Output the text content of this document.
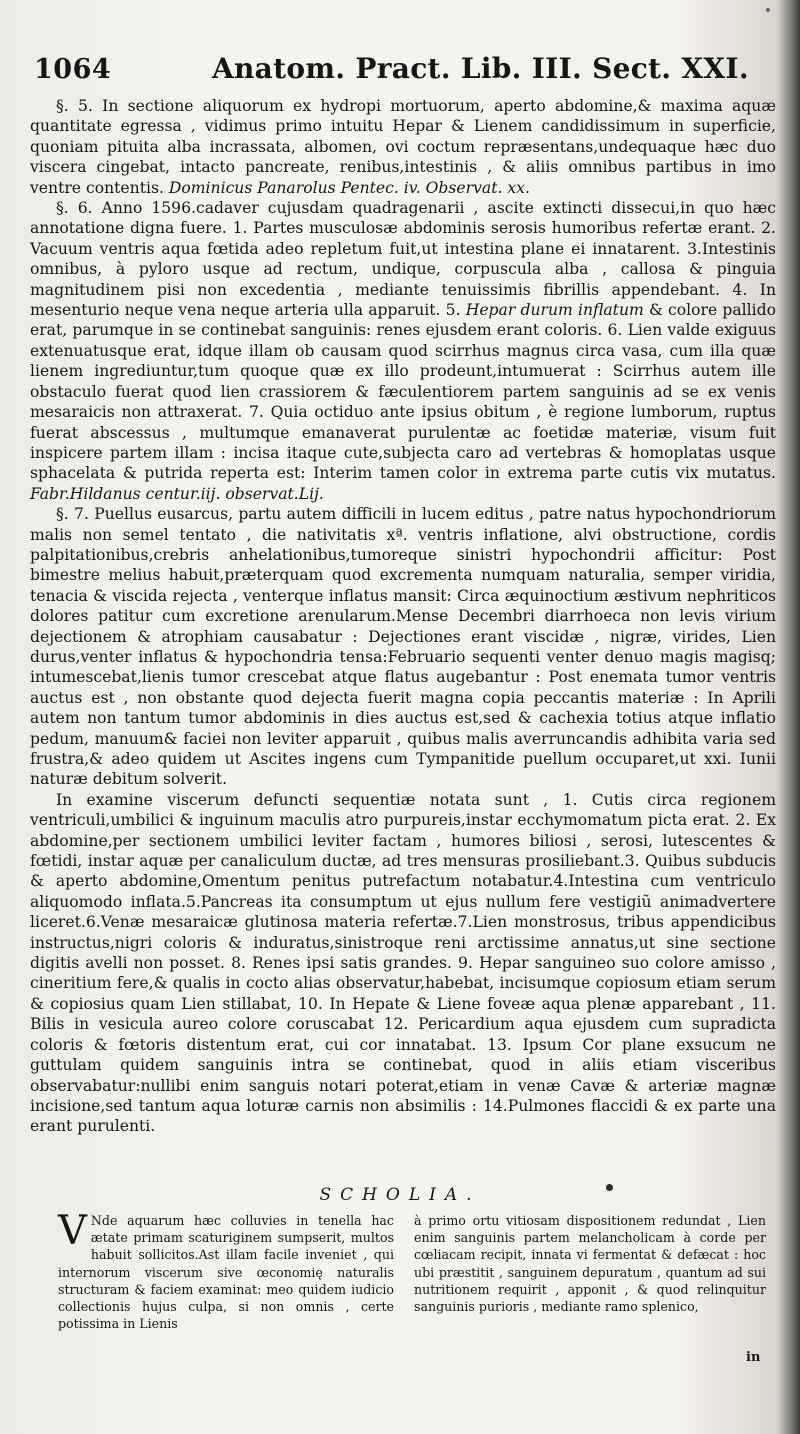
1064	Anatom. Pract. Lib. III. Sect. XXI.

§. 5. In sectione aliquorum ex hydropi mortuorum, aperto abdomine,& maxima aquæ quantitate egressa , vidimus primo intuitu Hepar & Lienem candidissimum in superficie, quoniam pituita alba incrassata, albomen, ovi coctum repræsentans,undequaque hæc duo viscera cingebat, intacto pancreate, renibus,intestinis , & aliis omnibus partibus in imo ventre contentis. Dominicus Panarolus Pentec. iv. Observat. xx.

§. 6. Anno 1596.cadaver cujusdam quadragenarii , ascite extincti dissecui,in quo hæc annotatione digna fuere. 1. Partes musculosæ abdominis serosis humoribus refertæ erant. 2. Vacuum ventris aqua fœtida adeo repletum fuit,ut intestina plane ei innatarent. 3.Intestinis omnibus, à pyloro usque ad rectum, undique, corpuscula alba , callosa & pinguia magnitudinem pisi non excedentia , mediante tenuissimis fibrillis appendebant. 4. In mesenturio neque vena neque arteria ulla apparuit. 5. Hepar durum inflatum & colore pallido erat, parumque in se continebat sanguinis: renes ejusdem erant coloris. 6. Lien valde exiguus extenuatusque erat, idque illam ob causam quod scirrhus magnus circa vasa, cum illa quæ lienem ingrediuntur,tum quoque quæ ex illo prodeunt,intumuerat : Scirrhus autem ille obstaculo fuerat quod lien crassiorem & fæculentiorem partem sanguinis ad se ex venis mesaraicis non attraxerat. 7. Quia octiduo ante ipsius obitum , è regione lumborum, ruptus fuerat abscessus , multumque emanaverat purulentæ ac foetidæ materiæ, visum fuit inspicere partem illam : incisa itaque cute,subjecta caro ad vertebras & homoplatas usque sphacelata & putrida reperta est: Interim tamen color in extrema parte cutis vix mutatus. Fabr.Hildanus centur.iij. observat.Lij.

§. 7. Puellus eusarcus, partu autem difficili in lucem editus , patre natus hypochondriorum malis non semel tentato , die nativitatis xª. ventris inflatione, alvi obstructione, cordis palpitationibus,crebris anhelationibus,tumoreque sinistri hypochondrii afficitur: Post bimestre melius habuit,præterquam quod excrementa numquam naturalia, semper viridia, tenacia & viscida rejecta , venterque inflatus mansit: Circa æquinoctium æstivum nephriticos dolores patitur cum excretione arenularum.Mense Decembri diarrhoeca non levis virium dejectionem & atrophiam causabatur : Dejectiones erant viscidæ , nigræ, virides, Lien durus,venter inflatus & hypochondria tensa:Februario sequenti venter denuo magis magisq; intumescebat,lienis tumor crescebat atque flatus augebantur : Post enemata tumor ventris auctus est , non obstante quod dejecta fuerit magna copia peccantis materiæ : In Aprili autem non tantum tumor abdominis in dies auctus est,sed & cachexia totius atque inflatio pedum, manuum& faciei non leviter apparuit , quibus malis averruncandis adhibita varia sed frustra,& adeo quidem ut Ascites ingens cum Tympanitide puellum occuparet,ut xxi. Iunii naturæ debitum solverit.

In examine viscerum defuncti sequentiæ notata sunt , 1. Cutis circa regionem ventriculi,umbilici & inguinum maculis atro purpureis,instar ecchymomatum picta erat. 2. Ex abdomine,per sectionem umbilici leviter factam , humores biliosi , serosi, lutescentes & fœtidi, instar aquæ per canaliculum ductæ, ad tres mensuras prosiliebant.3. Quibus subducis & aperto abdomine,Omentum penitus putrefactum notabatur.4.Intestina cum ventriculo aliquomodo inflata.5.Pancreas ita consumptum ut ejus nullum fere vestigiũ animadvertere liceret.6.Venæ mesaraicæ glutinosa materia refertæ.7.Lien monstrosus, tribus appendicibus instructus,nigri coloris & induratus,sinistroque reni arctissime annatus,ut sine sectione digitis avelli non posset. 8. Renes ipsi satis grandes. 9. Hepar sanguineo suo colore amisso , cineritium fere,& qualis in cocto alias observatur,habebat, incisumque copiosum etiam serum & copiosius quam Lien stillabat, 10. In Hepate & Liene foveæ aqua plenæ apparebant , 11. Bilis in vesicula aureo colore coruscabat 12. Pericardium aqua ejusdem cum supradicta coloris & fœtoris distentum erat, cui cor innatabat. 13. Ipsum Cor plane exsucum ne guttulam quidem sanguinis intra se continebat, quod in aliis etiam visceribus observabatur:nullibi enim sanguis notari poterat,etiam in venæ Cavæ & arteriæ magnæ incisione,sed tantum aqua loturæ carnis non absimilis : 14.Pulmones flaccidi & ex parte una erant purulenti.

SCHOLIA.
V Nde aquarum hæc colluvies in tenella hac ætate primam scaturiginem sumpserit, multos habuit sollicitos.Ast illam facile inveniet , qui internorum viscerum sive œconomię naturalis structuram & faciem examinat: meo quidem iudicio collectionis hujus culpa, si non omnis , certe potissima in Lienis
à primo ortu vitiosam dispositionem redundat , Lien enim sanguinis partem melancholicam à corde per cœliacam recipit, innata vi fermentat & defæcat : hoc ubi præstitit , sanguinem depuratum , quantum ad sui nutritionem requirit , apponit , & quod relinquitur sanguinis purioris , mediante ramo splenico,
in
